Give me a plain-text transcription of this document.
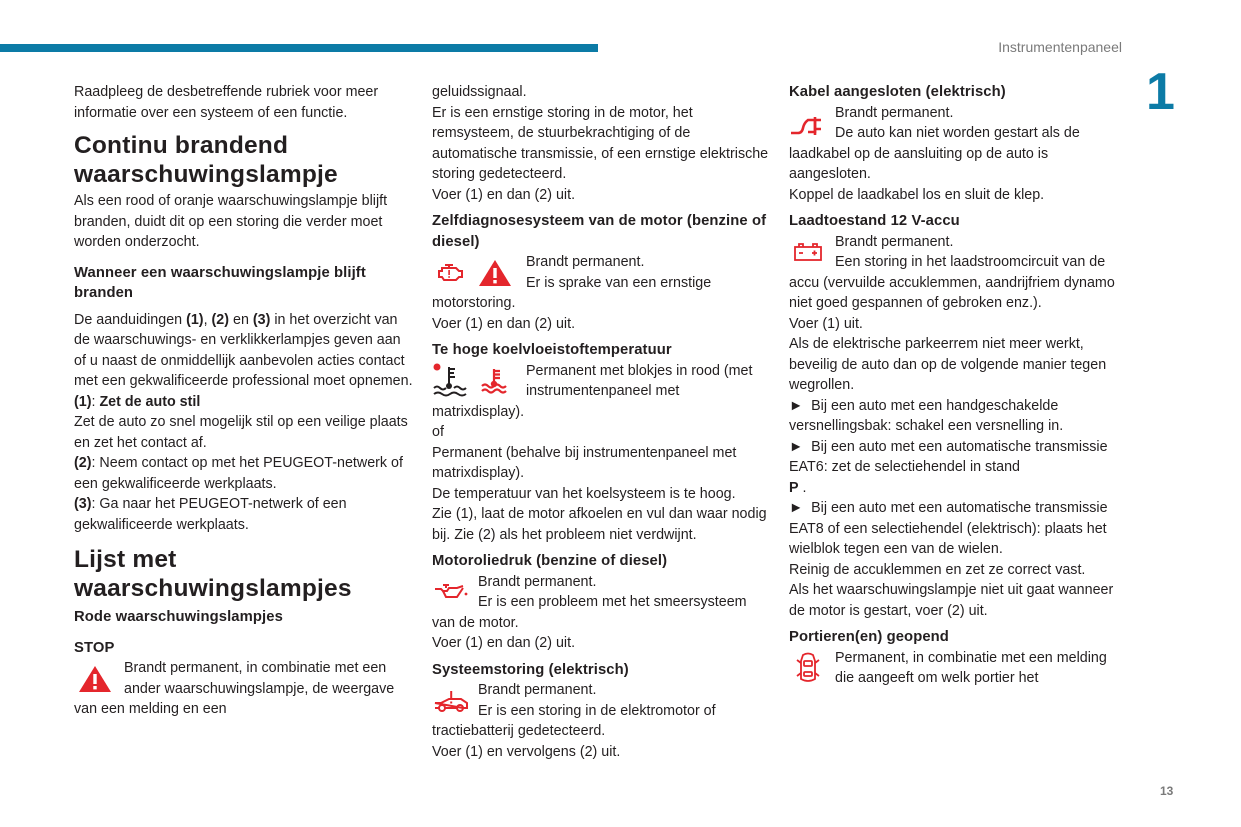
Instrumentenpaneel
1
13
Raadpleeg de desbetreffende rubriek voor meer informatie over een systeem of een functie.
Continu brandend waarschuwingslampje
Als een rood of oranje waarschuwingslampje blijft branden, duidt dit op een storing die verder moet worden onderzocht.
Wanneer een waarschuwingslampje blijft branden
De aanduidingen (1), (2) en (3) in het overzicht van de waarschuwings- en verklikkerlampjes geven aan of u naast de onmiddellijk aanbevolen acties contact met een gekwalificeerde professional moet opnemen.
(1): Zet de auto stil
Zet de auto zo snel mogelijk stil op een veilige plaats en zet het contact af.
(2): Neem contact op met het PEUGEOT-netwerk of een gekwalificeerde werkplaats.
(3): Ga naar het PEUGEOT-netwerk of een gekwalificeerde werkplaats.
Lijst met waarschuwingslampjes
Rode waarschuwingslampjes
STOP
Brandt permanent, in combinatie met een ander waarschuwingslampje, de weergave van een melding en een
geluidssignaal.
Er is een ernstige storing in de motor, het remsysteem, de stuurbekrachtiging of de automatische transmissie, of een ernstige elektrische storing gedetecteerd.
Voer (1) en dan (2) uit.
Zelfdiagnosesysteem van de motor (benzine of diesel)
Brandt permanent.
Er is sprake van een ernstige motorstoring.
Voer (1) en dan (2) uit.
Te hoge koelvloeistoftemperatuur
Permanent met blokjes in rood (met instrumentenpaneel met matrixdisplay).
of
Permanent (behalve bij instrumentenpaneel met matrixdisplay).
De temperatuur van het koelsysteem is te hoog.
Zie (1), laat de motor afkoelen en vul dan waar nodig bij. Zie (2) als het probleem niet verdwijnt.
Motoroliedruk (benzine of diesel)
Brandt permanent.
Er is een probleem met het smeersysteem van de motor.
Voer (1) en dan (2) uit.
Systeemstoring (elektrisch)
Brandt permanent.
Er is een storing in de elektromotor of tractiebatterij gedetecteerd.
Voer (1) en vervolgens (2) uit.
Kabel aangesloten (elektrisch)
Brandt permanent.
De auto kan niet worden gestart als de laadkabel op de aansluiting op de auto is aangesloten.
Koppel de laadkabel los en sluit de klep.
Laadtoestand 12 V-accu
Brandt permanent.
Een storing in het laadstroomcircuit van de accu (vervuilde accuklemmen, aandrijfriem dynamo niet goed gespannen of gebroken enz.).
Voer (1) uit.
Als de elektrische parkeerrem niet meer werkt, beveilig de auto dan op de volgende manier tegen wegrollen.
► Bij een auto met een handgeschakelde versnellingsbak: schakel een versnelling in.
► Bij een auto met een automatische transmissie EAT6: zet de selectiehendel in stand
P .
► Bij een auto met een automatische transmissie EAT8 of een selectiehendel (elektrisch): plaats het wielblok tegen een van de wielen.
Reinig de accuklemmen en zet ze correct vast.
Als het waarschuwingslampje niet uit gaat wanneer de motor is gestart, voer (2) uit.
Portieren(en) geopend
Permanent, in combinatie met een melding die aangeeft om welk portier het
